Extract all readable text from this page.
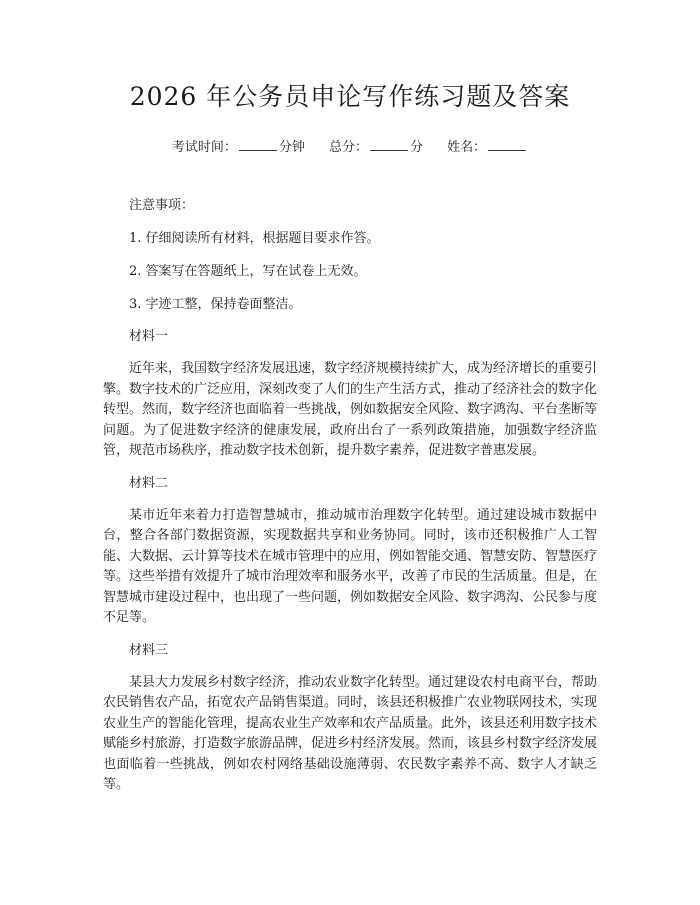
2026 年公务员申论写作练习题及答案
考试时间：	分钟 总分：	分 姓名：
注意事项：
1. 仔细阅读所有材料，根据题目要求作答。
2. 答案写在答题纸上，写在试卷上无效。
3. 字迹工整，保持卷面整洁。
材料一
近年来，我国数字经济发展迅速，数字经济规模持续扩大，成为经济增长的重要引擎。数字技术的广泛应用，深刻改变了人们的生产生活方式，推动了经济社会的数字化转型。然而，数字经济也面临着一些挑战，例如数据安全风险、数字鸿沟、平台垄断等问题。为了促进数字经济的健康发展，政府出台了一系列政策措施，加强数字经济监管，规范市场秩序，推动数字技术创新，提升数字素养，促进数字普惠发展。
材料二
某市近年来着力打造智慧城市，推动城市治理数字化转型。通过建设城市数据中台，整合各部门数据资源，实现数据共享和业务协同。同时，该市还积极推广人工智能、大数据、云计算等技术在城市管理中的应用，例如智能交通、智慧安防、智慧医疗等。这些举措有效提升了城市治理效率和服务水平，改善了市民的生活质量。但是，在智慧城市建设过程中，也出现了一些问题，例如数据安全风险、数字鸿沟、公民参与度不足等。
材料三
某县大力发展乡村数字经济，推动农业数字化转型。通过建设农村电商平台，帮助农民销售农产品，拓宽农产品销售渠道。同时，该县还积极推广农业物联网技术，实现农业生产的智能化管理，提高农业生产效率和农产品质量。此外，该县还利用数字技术赋能乡村旅游，打造数字旅游品牌，促进乡村经济发展。然而，该县乡村数字经济发展也面临着一些挑战，例如农村网络基础设施薄弱、农民数字素养不高、数字人才缺乏等。
